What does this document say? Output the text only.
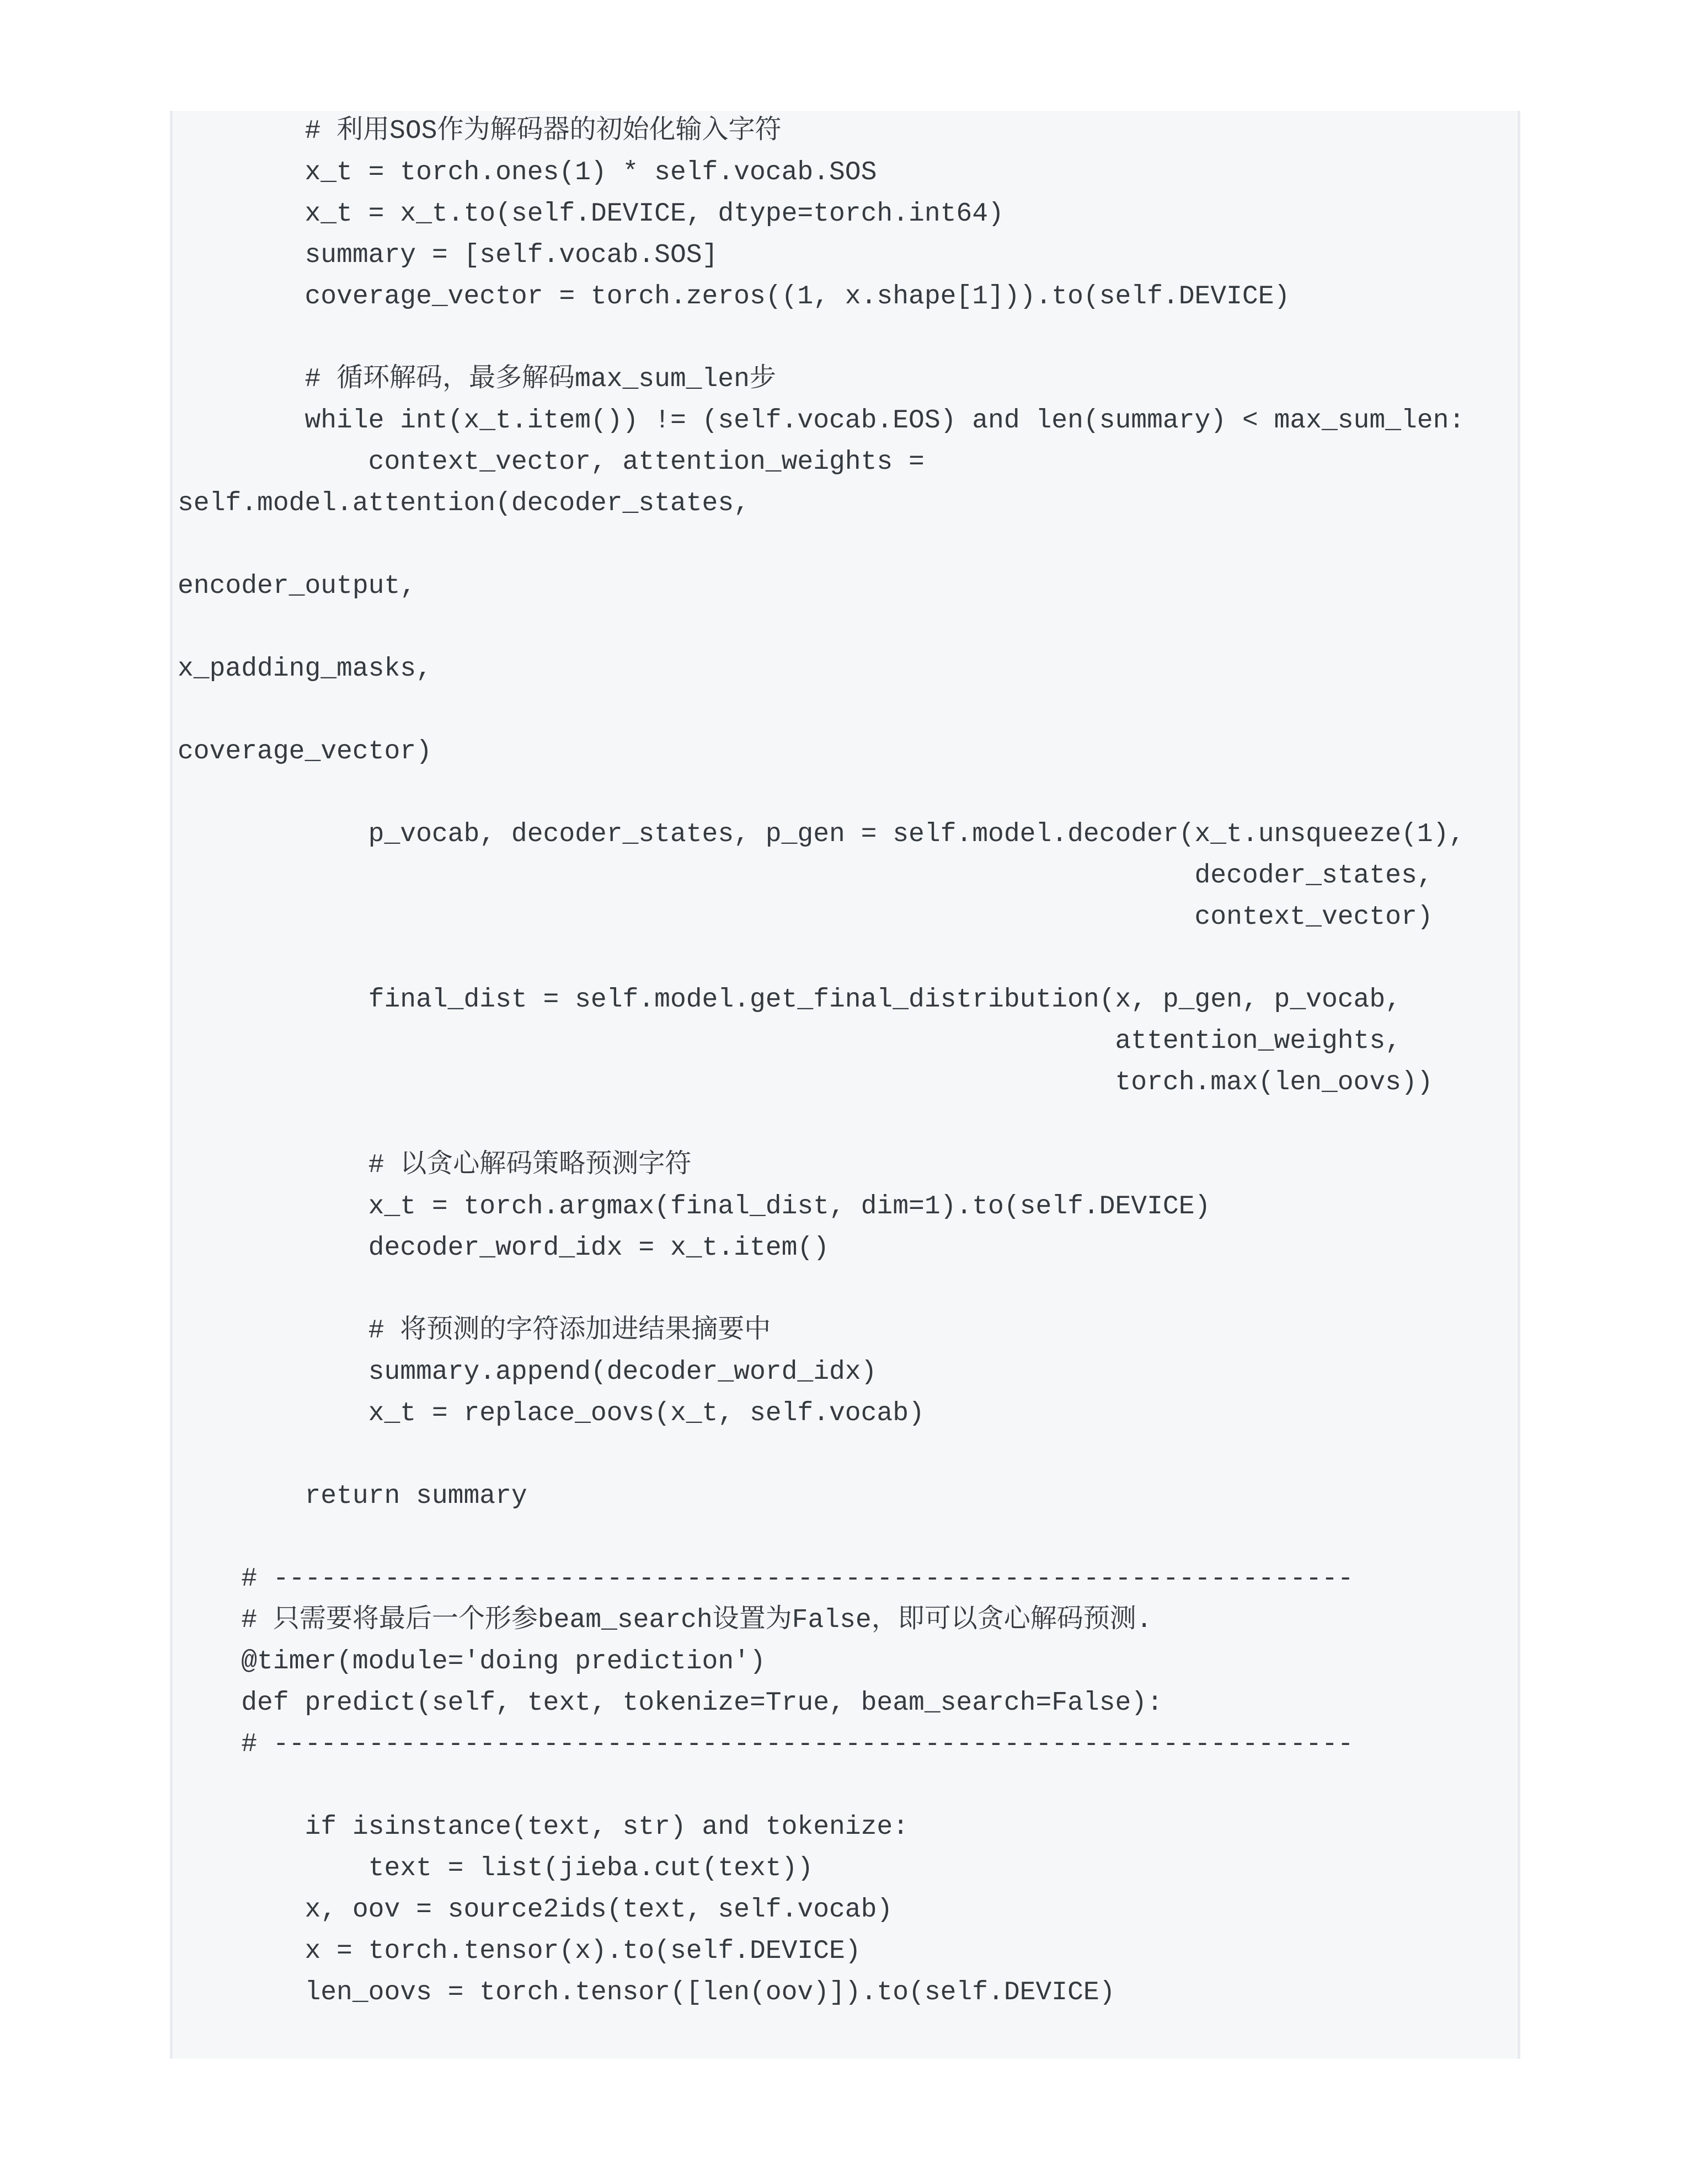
# 利用SOS作为解码器的初始化输入字符
x_t = torch.ones(1) * self.vocab.SOS
x_t = x_t.to(self.DEVICE, dtype=torch.int64)
summary = [self.vocab.SOS]
coverage_vector = torch.zeros((1, x.shape[1])).to(self.DEVICE)
# 循环解码，最多解码max_sum_len步
while int(x_t.item()) != (self.vocab.EOS) and len(summary) < max_sum_len:
context_vector, attention_weights =
self.model.attention(decoder_states,
encoder_output,
x_padding_masks,
coverage_vector)
p_vocab, decoder_states, p_gen = self.model.decoder(x_t.unsqueeze(1),
decoder_states,
context_vector)
final_dist = self.model.get_final_distribution(x, p_gen, p_vocab,
attention_weights,
torch.max(len_oovs))
# 以贪心解码策略预测字符
x_t = torch.argmax(final_dist, dim=1).to(self.DEVICE)
decoder_word_idx = x_t.item()
# 将预测的字符添加进结果摘要中
summary.append(decoder_word_idx)
x_t = replace_oovs(x_t, self.vocab)
return summary
# --------------------------------------------------------------------
# 只需要将最后一个形参beam_search设置为False，即可以贪心解码预测.
@timer(module='doing prediction')
def predict(self, text, tokenize=True, beam_search=False):
# --------------------------------------------------------------------
if isinstance(text, str) and tokenize:
text = list(jieba.cut(text))
x, oov = source2ids(text, self.vocab)
x = torch.tensor(x).to(self.DEVICE)
len_oovs = torch.tensor([len(oov)]).to(self.DEVICE)
